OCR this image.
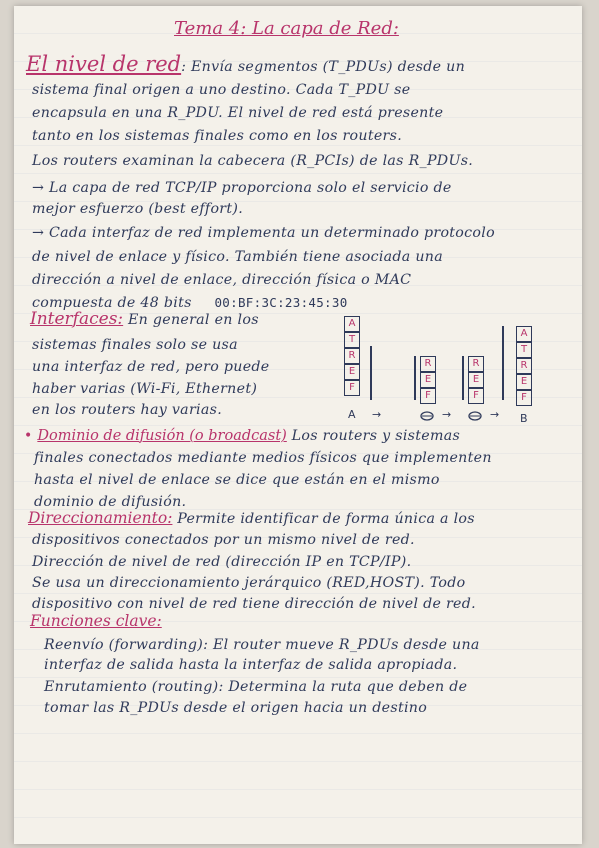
Tema 4: La capa de Red:
El nivel de red: Envía segmentos (T_PDUs) desde un
sistema final origen a uno destino. Cada T_PDU se
encapsula en una R_PDU. El nivel de red está presente
tanto en los sistemas finales como en los routers.
Los routers examinan la cabecera (R_PCIs) de las R_PDUs.
→ La capa de red TCP/IP proporciona solo el servicio de
mejor esfuerzo (best effort).
→ Cada interfaz de red implementa un determinado protocolo
de nivel de enlace y físico. También tiene asociada una
dirección a nivel de enlace, dirección física o MAC
compuesta de 48 bits 00:BF:3C:23:45:30
Interfaces: En general en los
sistemas finales solo se usa
una interfaz de red, pero puede
haber varias (Wi-Fi, Ethernet)
en los routers hay varias.
A
T
R
E
F
R
E
F
R
E
F
A
T
R
E
F
A →	→	→ B
• Dominio de difusión (o broadcast) Los routers y sistemas
finales conectados mediante medios físicos que implementen
hasta el nivel de enlace se dice que están en el mismo
dominio de difusión.
Direccionamiento: Permite identificar de forma única a los
dispositivos conectados por un mismo nivel de red.
Dirección de nivel de red (dirección IP en TCP/IP).
Se usa un direccionamiento jerárquico (RED,HOST). Todo
dispositivo con nivel de red tiene dirección de nivel de red.
Funciones clave:
Reenvío (forwarding): El router mueve R_PDUs desde una
interfaz de salida hasta la interfaz de salida apropiada.
Enrutamiento (routing): Determina la ruta que deben de
tomar las R_PDUs desde el origen hacia un destino
